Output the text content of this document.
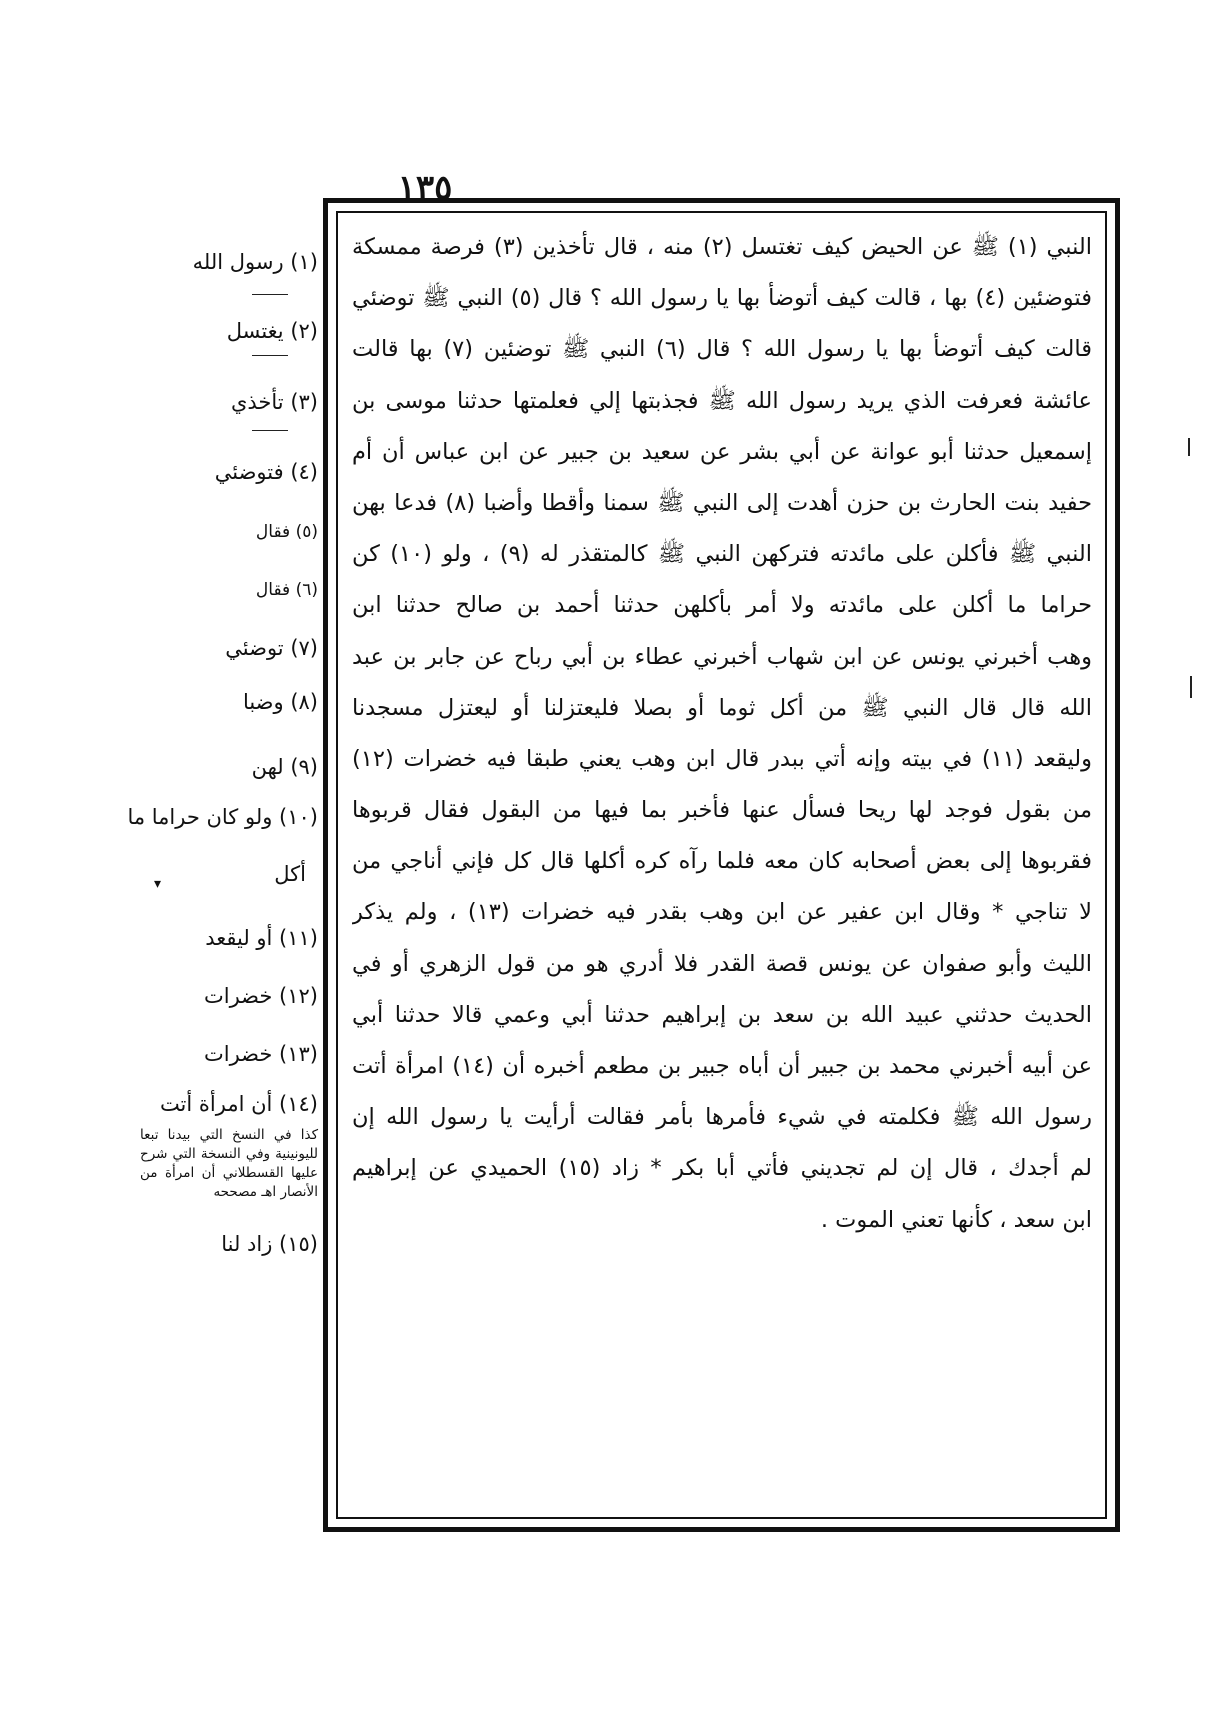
١٣٥
النبي (١) ﷺ عن الحيض كيف تغتسل (٢) منه ، قال تأخذين (٣) فرصة ممسكة
فتوضئين (٤) بها ، قالت كيف أتوضأ بها يا رسول الله ؟ قال (٥) النبي ﷺ توضئي
قالت كيف أتوضأ بها يا رسول الله ؟ قال (٦) النبي ﷺ توضئين (٧) بها قالت
عائشة فعرفت الذي يريد رسول الله ﷺ فجذبتها إلي فعلمتها حدثنا موسى بن
إسمعيل حدثنا أبو عوانة عن أبي بشر عن سعيد بن جبير عن ابن عباس أن أم
حفيد بنت الحارث بن حزن أهدت إلى النبي ﷺ سمنا وأقطا وأضبا (٨) فدعا بهن
النبي ﷺ فأكلن على مائدته فتركهن النبي ﷺ كالمتقذر له (٩) ، ولو (١٠) كن
حراما ما أكلن على مائدته ولا أمر بأكلهن حدثنا أحمد بن صالح حدثنا ابن
وهب أخبرني يونس عن ابن شهاب أخبرني عطاء بن أبي رباح عن جابر بن عبد
الله قال قال النبي ﷺ من أكل ثوما أو بصلا فليعتزلنا أو ليعتزل مسجدنا
وليقعد (١١) في بيته وإنه أتي ببدر قال ابن وهب يعني طبقا فيه خضرات (١٢)
من بقول فوجد لها ريحا فسأل عنها فأخبر بما فيها من البقول فقال قربوها
فقربوها إلى بعض أصحابه كان معه فلما رآه كره أكلها قال كل فإني أناجي من
لا تناجي * وقال ابن عفير عن ابن وهب بقدر فيه خضرات (١٣) ، ولم يذكر
الليث وأبو صفوان عن يونس قصة القدر فلا أدري هو من قول الزهري أو في
الحديث حدثني عبيد الله بن سعد بن إبراهيم حدثنا أبي وعمي قالا حدثنا أبي
عن أبيه أخبرني محمد بن جبير أن أباه جبير بن مطعم أخبره أن (١٤) امرأة أتت
رسول الله ﷺ فكلمته في شيء فأمرها بأمر فقالت أرأيت يا رسول الله إن
لم أجدك ، قال إن لم تجديني فأتي أبا بكر * زاد (١٥) الحميدي عن إبراهيم
ابن سعد ، كأنها تعني الموت .
(١) رسول الله
(٢) يغتسل
(٣) تأخذي
(٤) فتوضئي
(٥) فقال
(٦) فقال
(٧) توضئي
(٨) وضبا
(٩) لهن
(١٠) ولو كان حراما ما
أكل
(١١) أو ليقعد
(١٢) خضرات
(١٣) خضرات
(١٤) أن امرأة أتت
كذا في النسخ التي بيدنا تبعا لليونينية وفي النسخة التي شرح عليها القسطلاني أن امرأة من الأنصار اهـ مصححه
(١٥) زاد لنا
▾
